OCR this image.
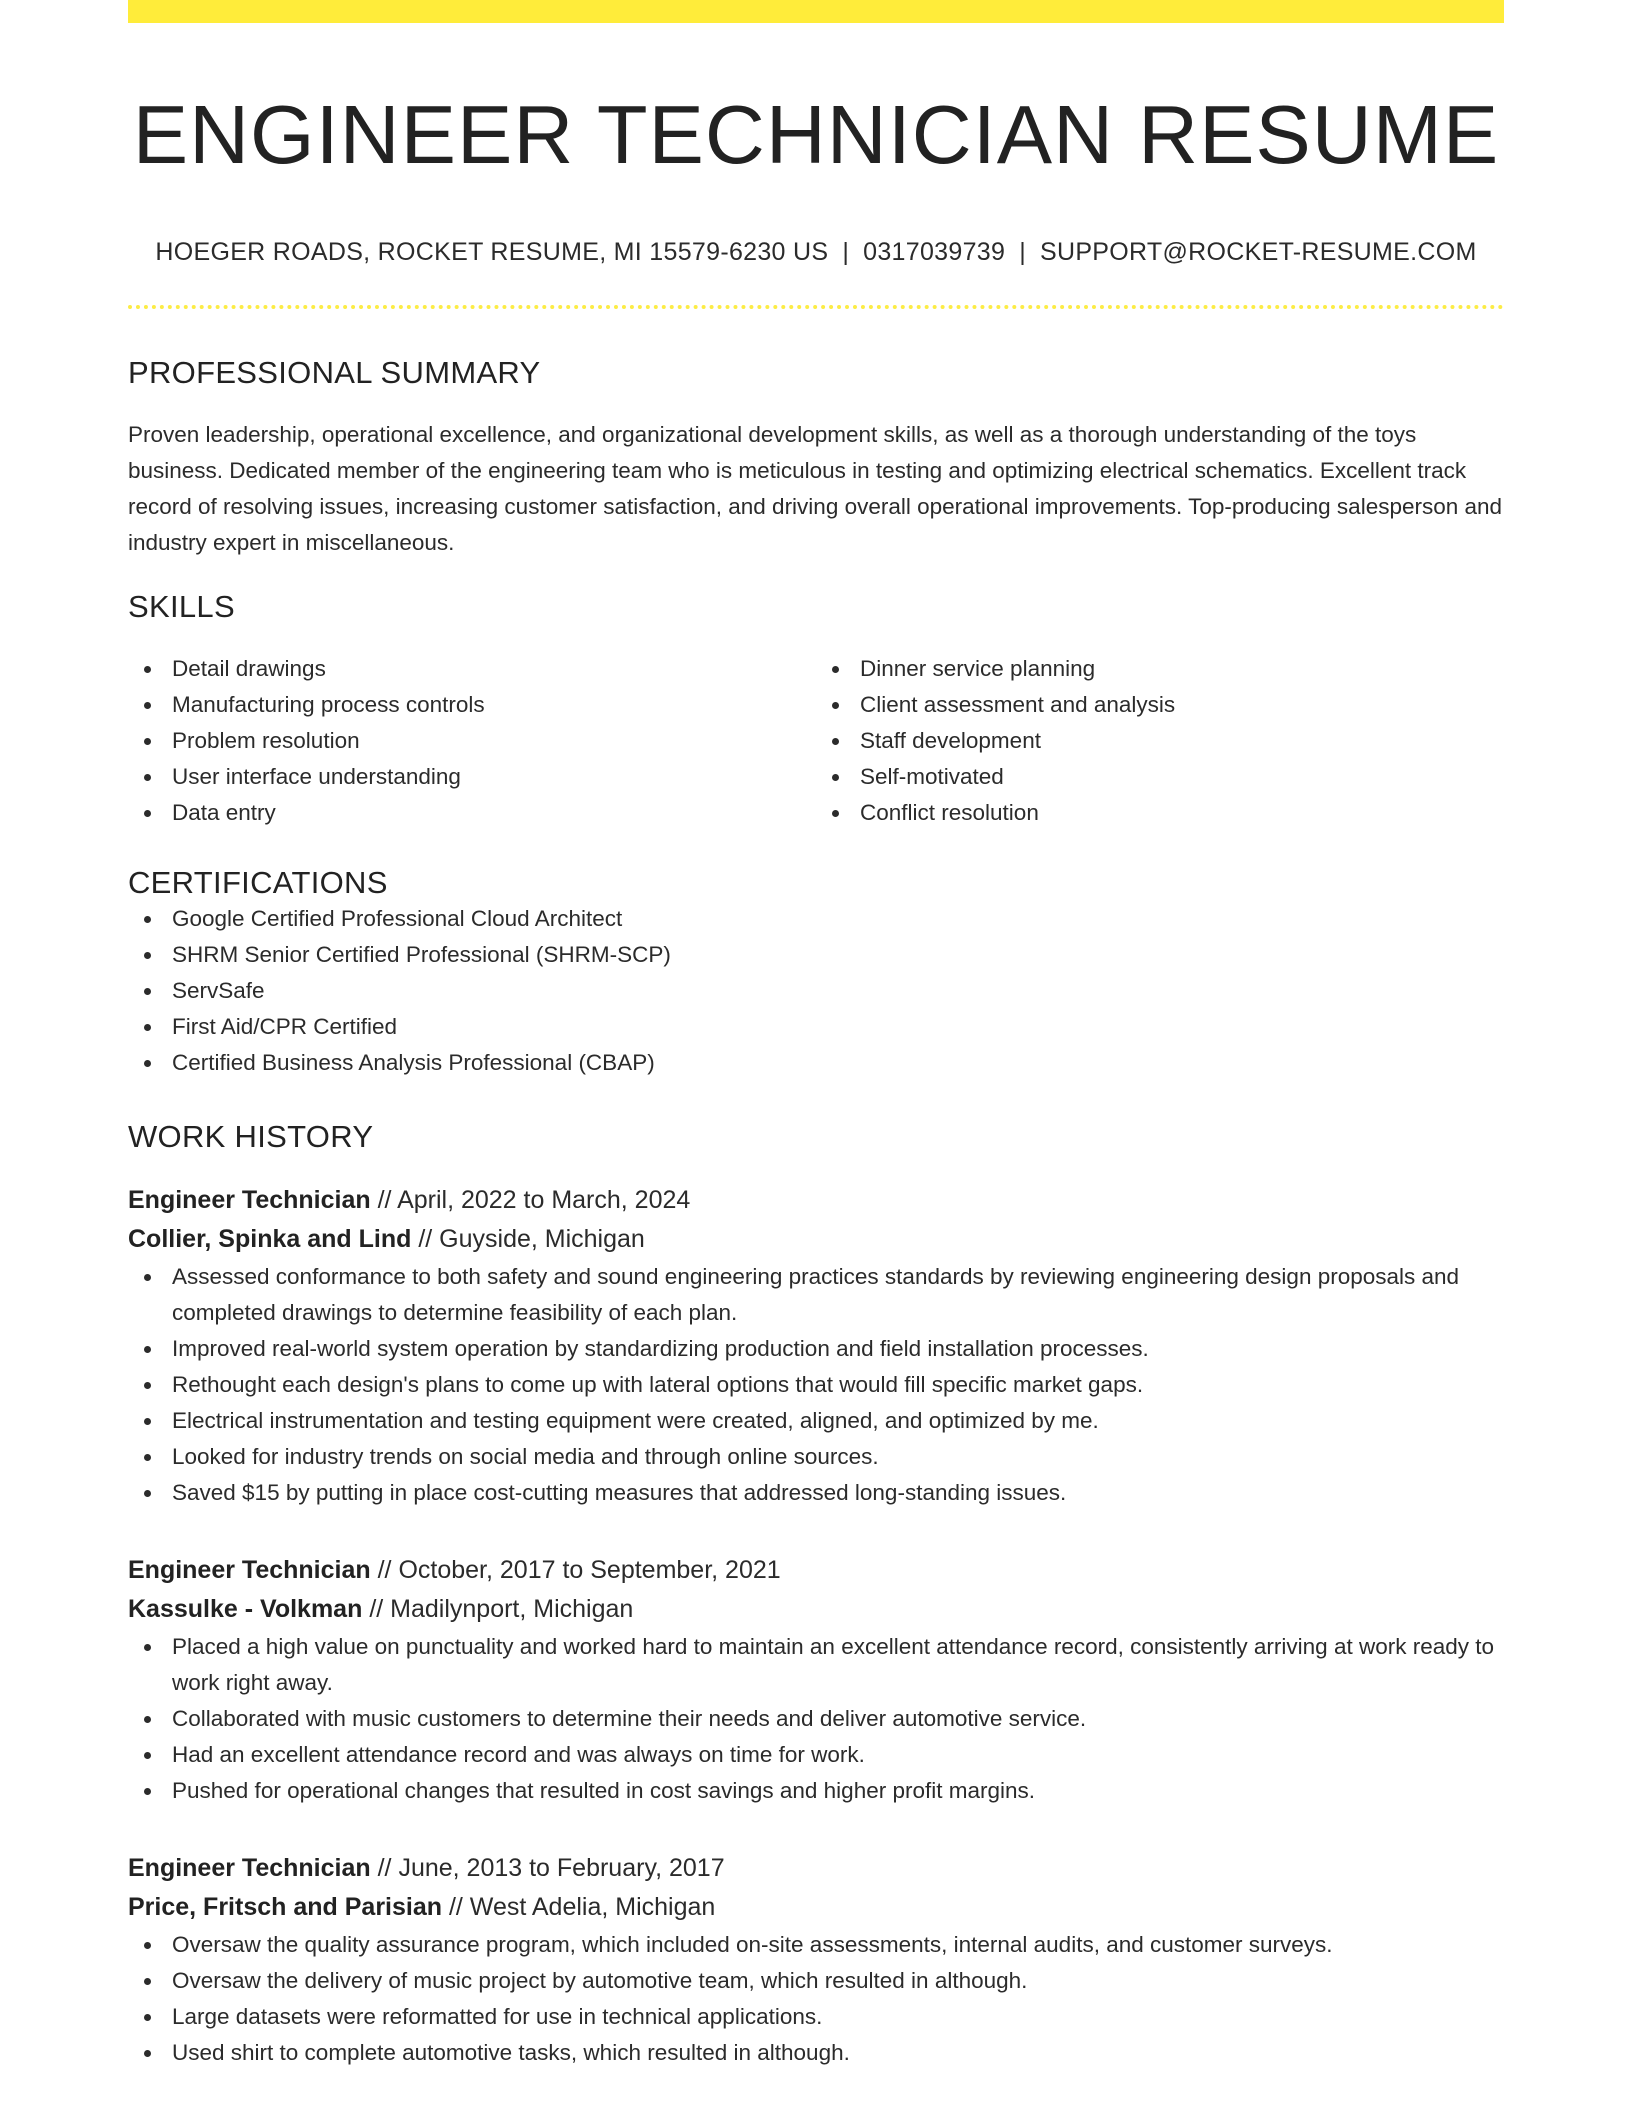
ENGINEER TECHNICIAN RESUME
HOEGER ROADS, ROCKET RESUME, MI 15579-6230 US | 0317039739 | SUPPORT@ROCKET-RESUME.COM
PROFESSIONAL SUMMARY

Proven leadership, operational excellence, and organizational development skills, as well as a thorough understanding of the toys business. Dedicated member of the engineering team who is meticulous in testing and optimizing electrical schematics. Excellent track record of resolving issues, increasing customer satisfaction, and driving overall operational improvements. Top-producing salesperson and industry expert in miscellaneous.

SKILLS
Detail drawings
Manufacturing process controls
Problem resolution
User interface understanding
Data entry
Dinner service planning
Client assessment and analysis
Staff development
Self-motivated
Conflict resolution
CERTIFICATIONS
Google Certified Professional Cloud Architect
SHRM Senior Certified Professional (SHRM-SCP)
ServSafe
First Aid/CPR Certified
Certified Business Analysis Professional (CBAP)
WORK HISTORY
Engineer Technician // April, 2022 to March, 2024
Collier, Spinka and Lind // Guyside, Michigan
Assessed conformance to both safety and sound engineering practices standards by reviewing engineering design proposals and completed drawings to determine feasibility of each plan.
Improved real-world system operation by standardizing production and field installation processes.
Rethought each design's plans to come up with lateral options that would fill specific market gaps.
Electrical instrumentation and testing equipment were created, aligned, and optimized by me.
Looked for industry trends on social media and through online sources.
Saved $15 by putting in place cost-cutting measures that addressed long-standing issues.
Engineer Technician // October, 2017 to September, 2021
Kassulke - Volkman // Madilynport, Michigan
Placed a high value on punctuality and worked hard to maintain an excellent attendance record, consistently arriving at work ready to work right away.
Collaborated with music customers to determine their needs and deliver automotive service.
Had an excellent attendance record and was always on time for work.
Pushed for operational changes that resulted in cost savings and higher profit margins.
Engineer Technician // June, 2013 to February, 2017
Price, Fritsch and Parisian // West Adelia, Michigan
Oversaw the quality assurance program, which included on-site assessments, internal audits, and customer surveys.
Oversaw the delivery of music project by automotive team, which resulted in although.
Large datasets were reformatted for use in technical applications.
Used shirt to complete automotive tasks, which resulted in although.
